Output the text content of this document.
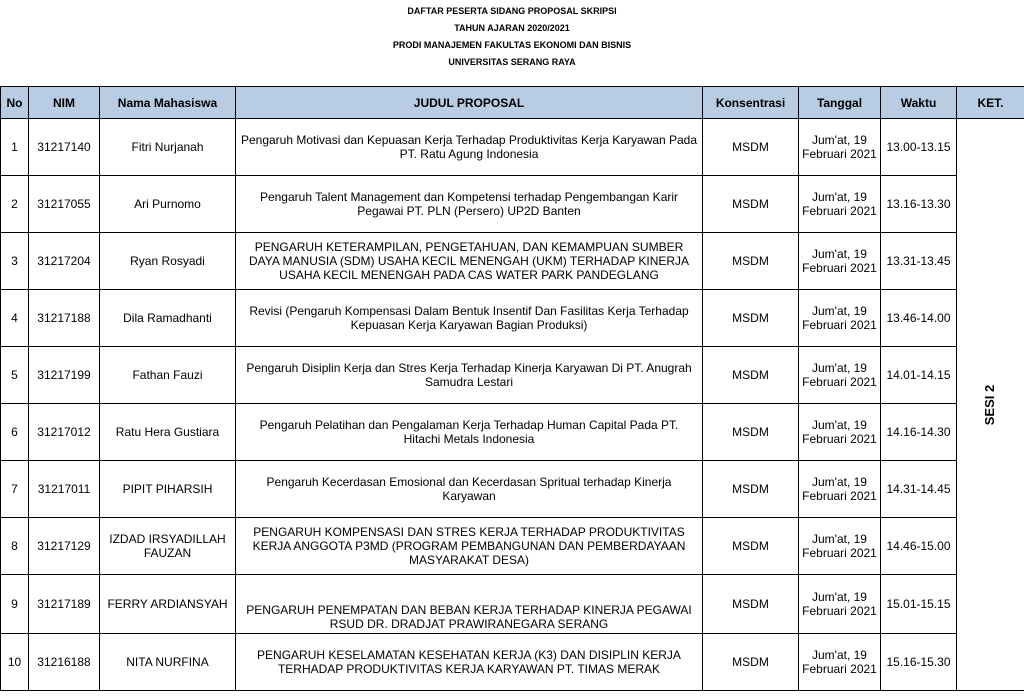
DAFTAR PESERTA SIDANG PROPOSAL SKRIPSI
TAHUN AJARAN 2020/2021
PRODI MANAJEMEN FAKULTAS EKONOMI DAN BISNIS
UNIVERSITAS SERANG RAYA
No	NIM	Nama Mahasiswa	JUDUL PROPOSAL	Konsentrasi	Tanggal	Waktu	KET.
1	31217140	Fitri Nurjanah	Pengaruh Motivasi dan Kepuasan Kerja Terhadap Produktivitas Kerja Karyawan Pada PT. Ratu Agung Indonesia	MSDM	Jum'at, 19 Februari 2021	13.00-13.15	SESI 2
2	31217055	Ari Purnomo	Pengaruh Talent Management dan Kompetensi terhadap Pengembangan Karir Pegawai PT. PLN (Persero) UP2D Banten	MSDM	Jum'at, 19 Februari 2021	13.16-13.30	
3	31217204	Ryan Rosyadi	PENGARUH KETERAMPILAN, PENGETAHUAN, DAN KEMAMPUAN SUMBER DAYA MANUSIA (SDM) USAHA KECIL MENENGAH (UKM) TERHADAP KINERJA USAHA KECIL MENENGAH PADA CAS WATER PARK PANDEGLANG	MSDM	Jum'at, 19 Februari 2021	13.31-13.45	
4	31217188	Dila Ramadhanti	Revisi (Pengaruh Kompensasi Dalam Bentuk Insentif Dan Fasilitas Kerja Terhadap Kepuasan Kerja Karyawan Bagian Produksi)	MSDM	Jum'at, 19 Februari 2021	13.46-14.00	
5	31217199	Fathan Fauzi	Pengaruh Disiplin Kerja dan Stres Kerja Terhadap Kinerja Karyawan Di PT. Anugrah Samudra Lestari	MSDM	Jum'at, 19 Februari 2021	14.01-14.15	
6	31217012	Ratu Hera Gustiara	Pengaruh Pelatihan dan Pengalaman Kerja Terhadap Human Capital Pada PT. Hitachi Metals Indonesia	MSDM	Jum'at, 19 Februari 2021	14.16-14.30	
7	31217011	PIPIT PIHARSIH	Pengaruh Kecerdasan Emosional dan Kecerdasan Spritual terhadap Kinerja Karyawan	MSDM	Jum'at, 19 Februari 2021	14.31-14.45	
8	31217129	IZDAD IRSYADILLAH FAUZAN	PENGARUH KOMPENSASI DAN STRES KERJA TERHADAP PRODUKTIVITAS KERJA ANGGOTA P3MD (PROGRAM PEMBANGUNAN DAN PEMBERDAYAAN MASYARAKAT DESA)	MSDM	Jum'at, 19 Februari 2021	14.46-15.00	
9	31217189	FERRY ARDIANSYAH	PENGARUH PENEMPATAN DAN BEBAN KERJA TERHADAP KINERJA PEGAWAI RSUD DR. DRADJAT PRAWIRANEGARA SERANG	MSDM	Jum'at, 19 Februari 2021	15.01-15.15	
10	31216188	NITA NURFINA	PENGARUH KESELAMATAN KESEHATAN KERJA (K3) DAN DISIPLIN KERJA TERHADAP PRODUKTIVITAS KERJA KARYAWAN PT. TIMAS MERAK	MSDM	Jum'at, 19 Februari 2021	15.16-15.30	
